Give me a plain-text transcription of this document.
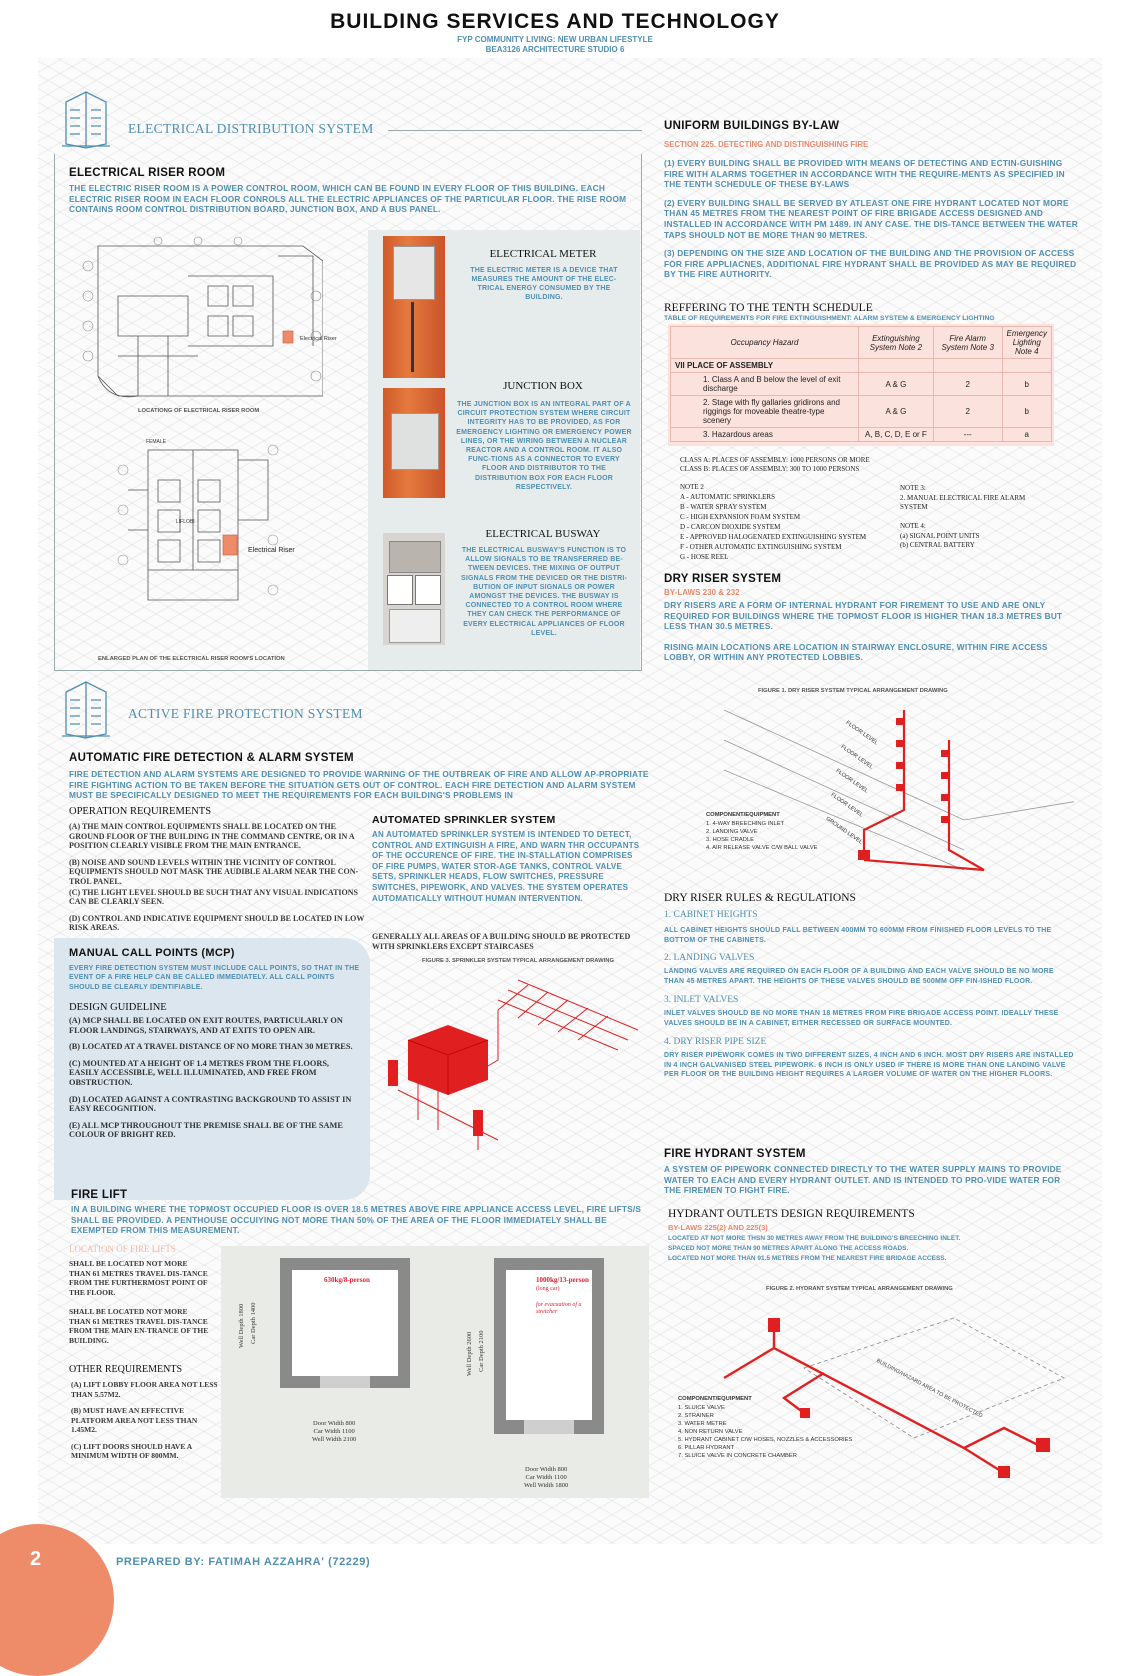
BUILDING SERVICES AND TECHNOLOGY
FYP COMMUNITY LIVING: NEW URBAN LIFESTYLE
BEA3126 ARCHITECTURE STUDIO 6
ELECTRICAL DISTRIBUTION SYSTEM
ELECTRICAL RISER ROOM
THE ELECTRIC RISER ROOM IS A POWER CONTROL ROOM, WHICH CAN BE FOUND IN EVERY FLOOR OF THIS BUILDING. EACH ELECTRIC RISER ROOM IN EACH FLOOR CONROLS ALL THE ELECTRIC APPLIANCES OF THE PARTICULAR FLOOR. THE RISE ROOM CONTAINS ROOM CONTROL DISTRIBUTION BOARD, JUNCTION BOX, AND A BUS PANEL.
Electrical Riser
LOCATIONG OF ELECTRICAL RISER ROOM
FEMALE
LIFLOBI
Electrical Riser
ENLARGED PLAN OF THE ELECTRICAL RISER ROOM'S LOCATION
ELECTRICAL METER
THE ELECTRIC METER IS A DEVICE THAT MEASURES THE AMOUNT OF THE ELEC-TRICAL ENERGY CONSUMED BY THE BUILDING.
JUNCTION BOX
THE JUNCTION BOX IS AN INTEGRAL PART OF A CIRCUIT PROTECTION SYSTEM WHERE CIRCUIT INTEGRITY HAS TO BE PROVIDED, AS FOR EMERGENCY LIGHTING OR EMERGENCY POWER LINES, OR THE WIRING BETWEEN A NUCLEAR REACTOR AND A CONTROL ROOM. IT ALSO FUNC-TIONS AS A CONNECTOR TO EVERY FLOOR AND DISTRIBUTOR TO THE DISTRIBUTION BOX FOR EACH FLOOR RESPECTIVELY.
ELECTRICAL BUSWAY
THE ELECTRICAL BUSWAY'S FUNCTION IS TO ALLOW SIGNALS TO BE TRANSFERRED BE-TWEEN DEVICES. THE MIXING OF OUTPUT SIGNALS FROM THE DEVICED OR THE DISTRI-BUTION OF INPUT SIGNALS OR POWER AMONGST THE DEVICES. THE BUSWAY IS CONNECTED TO A CONTROL ROOM WHERE THEY CAN CHECK THE PERFORMANCE OF EVERY ELECTRICAL APPLIANCES OF FLOOR LEVEL.
UNIFORM BUILDINGS BY-LAW
SECTION 225. DETECTING AND DISTINGUISHING FIRE

(1) EVERY BUILDING SHALL BE PROVIDED WITH MEANS OF DETECTING AND ECTIN-GUISHING FIRE WITH ALARMS TOGETHER IN ACCORDANCE WITH THE REQUIRE-MENTS AS SPECIFIED IN THE TENTH SCHEDULE OF THESE BY-LAWS

(2) EVERY BUILDING SHALL BE SERVED BY ATLEAST ONE FIRE HYDRANT LOCATED NOT MORE THAN 45 METRES FROM THE NEAREST POINT OF FIRE BRIGADE ACCESS DESIGNED AND INSTALLED IN ACCORDANCE WITH PM 1489. IN ANY CASE. THE DIS-TANCE BETWEEN THE WATER TAPS SHOULD NOT BE MORE THAN 90 METRES.

(3) DEPENDING ON THE SIZE AND LOCATION OF THE BUILDING AND THE PROVISION OF ACCESS FOR FIRE APPLIACNES, ADDITIONAL FIRE HYDRANT SHALL BE PROVIDED AS MAY BE REQUIRED BY THE FIRE AUTHORITY.

REFFERING TO THE TENTH SCHEDULE
TABLE OF REQUIREMENTS FOR FIRE EXTINGUISHMENT: ALARM SYSTEM & EMERGENCY LIGHTING
Occupancy Hazard	Extinguishing System Note 2	Fire Alarm System Note 3	Emergency Lighting Note 4
VII PLACE OF ASSEMBLY			
1. Class A and B below the level of exit discharge	A & G	2	b
2. Stage with fly gallaries gridirons and riggings for moveable theatre-type scenery	A & G	2	b
3. Hazardous areas	A, B, C, D, E or F	---	a
CLASS A: PLACES OF ASSEMBLY: 1000 PERSONS OR MORE
CLASS B: PLACES OF ASSEMBLY: 300 TO 1000 PERSONS
NOTE 2
A - AUTOMATIC SPRINKLERS
B - WATER SPRAY SYSTEM
C - HIGH EXPANSION FOAM SYSTEM
D - CARCON DIOXIDE SYSTEM
E - APPROVED HALOGENATED EXTINGUISHING SYSTEM
F - OTHER AUTOMATIC EXTINGUISHING SYSTEM
G - HOSE REEL
NOTE 3:
2. MANUAL ELECTRICAL FIRE ALARM SYSTEM
NOTE 4:
(a) SIGNAL POINT UNITS
(b) CENTRAL BATTERY
DRY RISER SYSTEM
BY-LAWS 230 & 232

DRY RISERS ARE A FORM OF INTERNAL HYDRANT FOR FIREMENT TO USE AND ARE ONLY REQUIRED FOR BUILDINGS WHERE THE TOPMOST FLOOR IS HIGHER THAN 18.3 METRES BUT LESS THAN 30.5 METRES.

RISING MAIN LOCATIONS ARE LOCATION IN STAIRWAY ENCLOSURE, WITHIN FIRE ACCESS LOBBY, OR WITHIN ANY PROTECTED LOBBIES.

FIGURE 1. DRY RISER SYSTEM TYPICAL ARRANGEMENT DRAWING
FLOOR LEVEL
FLOOR LEVEL
FLOOR LEVEL
FLOOR LEVEL
GROUND LEVEL
COMPONENT/EQUIPMENT
1. 4-WAY BREECHING INLET
2. LANDING VALVE
3. HOSE CRADLE
4. AIR RELEASE VALVE C/W BALL VALVE
DRY RISER RULES & REGULATIONS
1. CABINET HEIGHTS
ALL CABINET HEIGHTS SHOULD FALL BETWEEN 400MM TO 600MM FROM FINISHED FLOOR LEVELS TO THE BOTTOM OF THE CABINETS.
2. LANDING VALVES
LANDING VALVES ARE REQUIRED ON EACH FLOOR OF A BUILDING AND EACH VALVE SHOULD BE NO MORE THAN 45 METRES APART. THE HEIGHTS OF THESE VALVES SHOULD BE 500MM OFF FIN-ISHED FLOOR.
3. INLET VALVES
INLET VALVES SHOULD BE NO MORE THAN 18 METRES FROM FIRE BRIGADE ACCESS POINT. IDEALLY THESE VALVES SHOULD BE IN A CABINET, EITHER RECESSED OR SURFACE MOUNTED.
4. DRY RISER PIPE SIZE
DRY RISER PIPEWORK COMES IN TWO DIFFERENT SIZES, 4 INCH AND 6 INCH. MOST DRY RISERS ARE INSTALLED IN 4 INCH GALVANISED STEEL PIPEWORK. 6 INCH IS ONLY USED IF THERE IS MORE THAN ONE LANDING VALVE PER FLOOR OR THE BUILDING HEIGHT REQUIRES A LARGER VOLUME OF WATER ON THE HIGHER FLOORS.
FIRE HYDRANT SYSTEM
A SYSTEM OF PIPEWORK CONNECTED DIRECTLY TO THE WATER SUPPLY MAINS TO PROVIDE WATER TO EACH AND EVERY HYDRANT OUTLET. AND IS INTENDED TO PRO-VIDE WATER FOR THE FIREMEN TO FIGHT FIRE.
HYDRANT OUTLETS DESIGN REQUIREMENTS
BY-LAWS 225(2) AND 225(3)
LOCATED AT NOT MORE THSN 30 METRES AWAY FROM THE BUILDING'S BREECHING INLET.
SPACED NOT MORE THAN 90 METRES APART ALONG THE ACCESS ROADS.
LOCATED NOT MORE THAN 91.5 METRES FROM THE NEAREST FIRE BRIDAGE ACCESS.
FIGURE 2. HYDRANT SYSTEM TYPICAL ARRANGEMENT DRAWING
BUILDING/HAZARD AREA TO BE PROTECTED
COMPONENT/EQUIPMENT
1. SLUICE VALVE
2. STRAINER
3. WATER METRE
4. NON RETURN VALVE
5. HYDRANT CABINET C/W HOSES, NOZZLES & ACCESSORIES
6. PILLAR HYDRANT
7. SLUICE VALVE IN CONCRETE CHAMBER
ACTIVE FIRE PROTECTION SYSTEM
AUTOMATIC FIRE DETECTION & ALARM SYSTEM
FIRE DETECTION AND ALARM SYSTEMS ARE DESIGNED TO PROVIDE WARNING OF THE OUTBREAK OF FIRE AND ALLOW AP-PROPRIATE FIRE FIGHTING ACTION TO BE TAKEN BEFORE THE SITUATION GETS OUT OF CONTROL. EACH FIRE DETECTION AND ALARM SYSTEM MUST BE SPECIFICALLY DESIGNED TO MEET THE REQUIREMENTS FOR EACH BUILDING'S PROBLEMS IN
OPERATION REQUIREMENTS

(A) THE MAIN CONTROL EQUIPMENTS SHALL BE LOCATED ON THE GROUND FLOOR OF THE BUILDING IN THE COMMAND CENTRE, OR IN A POSITION CLEARLY VISIBLE FROM THE MAIN ENTRANCE.

(B) NOISE AND SOUND LEVELS WITHIN THE VICINITY OF CONTROL EQUIPMENTS SHOULD NOT MASK THE AUDIBLE ALARM NEAR THE CON-TROL PANEL.

(C) THE LIGHT LEVEL SHOULD BE SUCH THAT ANY VISUAL INDICATIONS CAN BE CLEARLY SEEN.

(D) CONTROL AND INDICATIVE EQUIPMENT SHOULD BE LOCATED IN LOW RISK AREAS.

AUTOMATED SPRINKLER SYSTEM
AN AUTOMATED SPRINKLER SYSTEM IS INTENDED TO DETECT, CONTROL AND EXTINGUISH A FIRE, AND WARN THR OCCUPANTS OF THE OCCURENCE OF FIRE. THE IN-STALLATION COMPRISES OF FIRE PUMPS, WATER STOR-AGE TANKS, CONTROL VALVE SETS, SPRINKLER HEADS, FLOW SWITCHES, PRESSURE SWITCHES, PIPEWORK, AND VALVES. THE SYSTEM OPERATES AUTOMATICALLY WITHOUT HUMAN INTERVENTION.
GENERALLY ALL AREAS OF A BUILDING SHOULD BE PROTECTED WITH SPRINKLERS EXCEPT STAIRCASES
FIGURE 3. SPRINKLER SYSTEM TYPICAL ARRANGEMENT DRAWING
MANUAL CALL POINTS (MCP)
EVERY FIRE DETECTION SYSTEM MUST INCLUDE CALL POINTS, SO THAT IN THE EVENT OF A FIRE HELP CAN BE CALLED IMMEDIATELY. ALL CALL POINTS SHOULD BE CLEARLY IDENTIFIABLE.
DESIGN GUIDELINE

(A) MCP SHALL BE LOCATED ON EXIT ROUTES, PARTICULARLY ON FLOOR LANDINGS, STAIRWAYS, AND AT EXITS TO OPEN AIR.

(B) LOCATED AT A TRAVEL DISTANCE OF NO MORE THAN 30 METRES.

(C) MOUNTED AT A HEIGHT OF 1.4 METRES FROM THE FLOORS, EASILY ACCESSIBLE, WELL ILLUMINATED, AND FREE FROM OBSTRUCTION.

(D) LOCATED AGAINST A CONTRASTING BACKGROUND TO ASSIST IN EASY RECOGNITION.

(E) ALL MCP THROUGHOUT THE PREMISE SHALL BE OF THE SAME COLOUR OF BRIGHT RED.

FIRE LIFT
IN A BUILDING WHERE THE TOPMOST OCCUPIED FLOOR IS OVER 18.5 METRES ABOVE FIRE APPLIANCE ACCESS LEVEL, FIRE LIFTS/S SHALL BE PROVIDED. A PENTHOUSE OCCUIYING NOT MORE THAN 50% OF THE AREA OF THE FLOOR IMMEDIATELY SHALL BE EXEMPTED FROM THIS MEASUREMENT.
LOCATION OF FIRE LIFTS

SHALL BE LOCATED NOT MORE THAN 61 METRES TRAVEL DIS-TANCE FROM THE FURTHERMOST POINT OF THE FLOOR.

SHALL BE LOCATED NOT MORE THAN 61 METRES TRAVEL DIS-TANCE FROM THE MAIN EN-TRANCE OF THE BUILDING.

OTHER REQUIREMENTS

(A) LIFT LOBBY FLOOR AREA NOT LESS THAN 5.57M2.

(B) MUST HAVE AN EFFECTIVE PLATFORM AREA NOT LESS THAN 1.45M2.

(C) LIFT DOORS SHOULD HAVE A MINIMUM WIDTH OF 800MM.

630kg/8-person
Well Depth 1800 Car Depth 1400
Door Width 800
Car Width 1100
Well Width 2100
1000kg/13-person
(long car)
for evacuation of a stretcher
Well Depth 2600 Car Depth 2100
Door Width 800
Car Width 1100
Well Width 1800
2	PREPARED BY: FATIMAH AZZAHRA' (72229)
